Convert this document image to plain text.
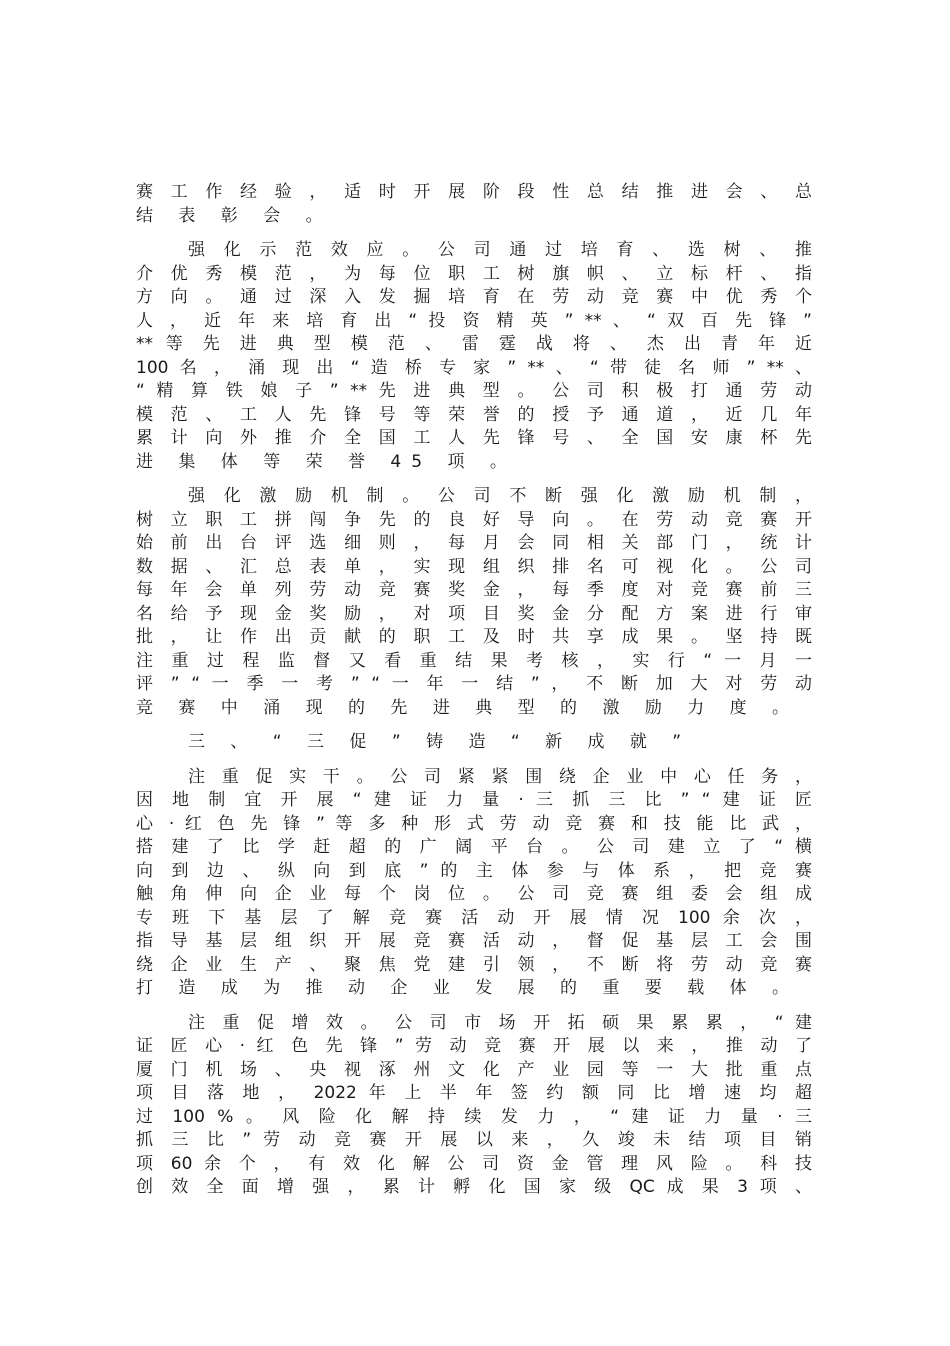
赛 工 作 经 验 ， 适 时 开 展 阶 段 性 总 结 推 进 会 、 总
结 表 彰 会 。
强 化 示 范 效 应 。 公 司 通 过 培 育 、 选 树 、 推
介 优 秀 模 范 ， 为 每 位 职 工 树 旗 帜 、 立 标 杆 、 指
方 向 。 通 过 深 入 发 掘 培 育 在 劳 动 竞 赛 中 优 秀 个
人 ， 近 年 来 培 育 出 “ 投 资 精 英 ” ** 、 “ 双 百 先 锋 ”
** 等 先 进 典 型 模 范 、 雷 霆 战 将 、 杰 出 青 年 近
100 名 ， 涌 现 出 “ 造 桥 专 家 ” ** 、 “ 带 徒 名 师 ” ** 、
“ 精 算 铁 娘 子 ” ** 先 进 典 型 。 公 司 积 极 打 通 劳 动
模 范 、 工 人 先 锋 号 等 荣 誉 的 授 予 通 道 ， 近 几 年
累 计 向 外 推 介 全 国 工 人 先 锋 号 、 全 国 安 康 杯 先
进 集 体 等 荣 誉 45 项 。
强 化 激 励 机 制 。 公 司 不 断 强 化 激 励 机 制 ，
树 立 职 工 拼 闯 争 先 的 良 好 导 向 。 在 劳 动 竞 赛 开
始 前 出 台 评 选 细 则 ， 每 月 会 同 相 关 部 门 ， 统 计
数 据 、 汇 总 表 单 ， 实 现 组 织 排 名 可 视 化 。 公 司
每 年 会 单 列 劳 动 竞 赛 奖 金 ， 每 季 度 对 竞 赛 前 三
名 给 予 现 金 奖 励 ， 对 项 目 奖 金 分 配 方 案 进 行 审
批 ， 让 作 出 贡 献 的 职 工 及 时 共 享 成 果 。 坚 持 既
注 重 过 程 监 督 又 看 重 结 果 考 核 ， 实 行 “ 一 月 一
评 ” “ 一 季 一 考 ” “ 一 年 一 结 ” ， 不 断 加 大 对 劳 动
竞 赛 中 涌 现 的 先 进 典 型 的 激 励 力 度 。
三 、 “ 三 促 ” 铸 造 “ 新 成 就 ”
注 重 促 实 干 。 公 司 紧 紧 围 绕 企 业 中 心 任 务 ，
因 地 制 宜 开 展 “ 建 证 力 量 · 三 抓 三 比 ” “ 建 证 匠
心 · 红 色 先 锋 ” 等 多 种 形 式 劳 动 竞 赛 和 技 能 比 武 ，
搭 建 了 比 学 赶 超 的 广 阔 平 台 。 公 司 建 立 了 “ 横
向 到 边 、 纵 向 到 底 ” 的 主 体 参 与 体 系 ， 把 竞 赛
触 角 伸 向 企 业 每 个 岗 位 。 公 司 竞 赛 组 委 会 组 成
专 班 下 基 层 了 解 竞 赛 活 动 开 展 情 况 100 余 次 ，
指 导 基 层 组 织 开 展 竞 赛 活 动 ， 督 促 基 层 工 会 围
绕 企 业 生 产 、 聚 焦 党 建 引 领 ， 不 断 将 劳 动 竞 赛
打 造 成 为 推 动 企 业 发 展 的 重 要 载 体 。
注 重 促 增 效 。 公 司 市 场 开 拓 硕 果 累 累 ， “ 建
证 匠 心 · 红 色 先 锋 ” 劳 动 竞 赛 开 展 以 来 ， 推 动 了
厦 门 机 场 、 央 视 涿 州 文 化 产 业 园 等 一 大 批 重 点
项 目 落 地 ， 2022 年 上 半 年 签 约 额 同 比 增 速 均 超
过 100 % 。 风 险 化 解 持 续 发 力 ， “ 建 证 力 量 · 三
抓 三 比 ” 劳 动 竞 赛 开 展 以 来 ， 久 竣 未 结 项 目 销
项 60 余 个 ， 有 效 化 解 公 司 资 金 管 理 风 险 。 科 技
创 效 全 面 增 强 ， 累 计 孵 化 国 家 级 QC 成 果 3 项 、
